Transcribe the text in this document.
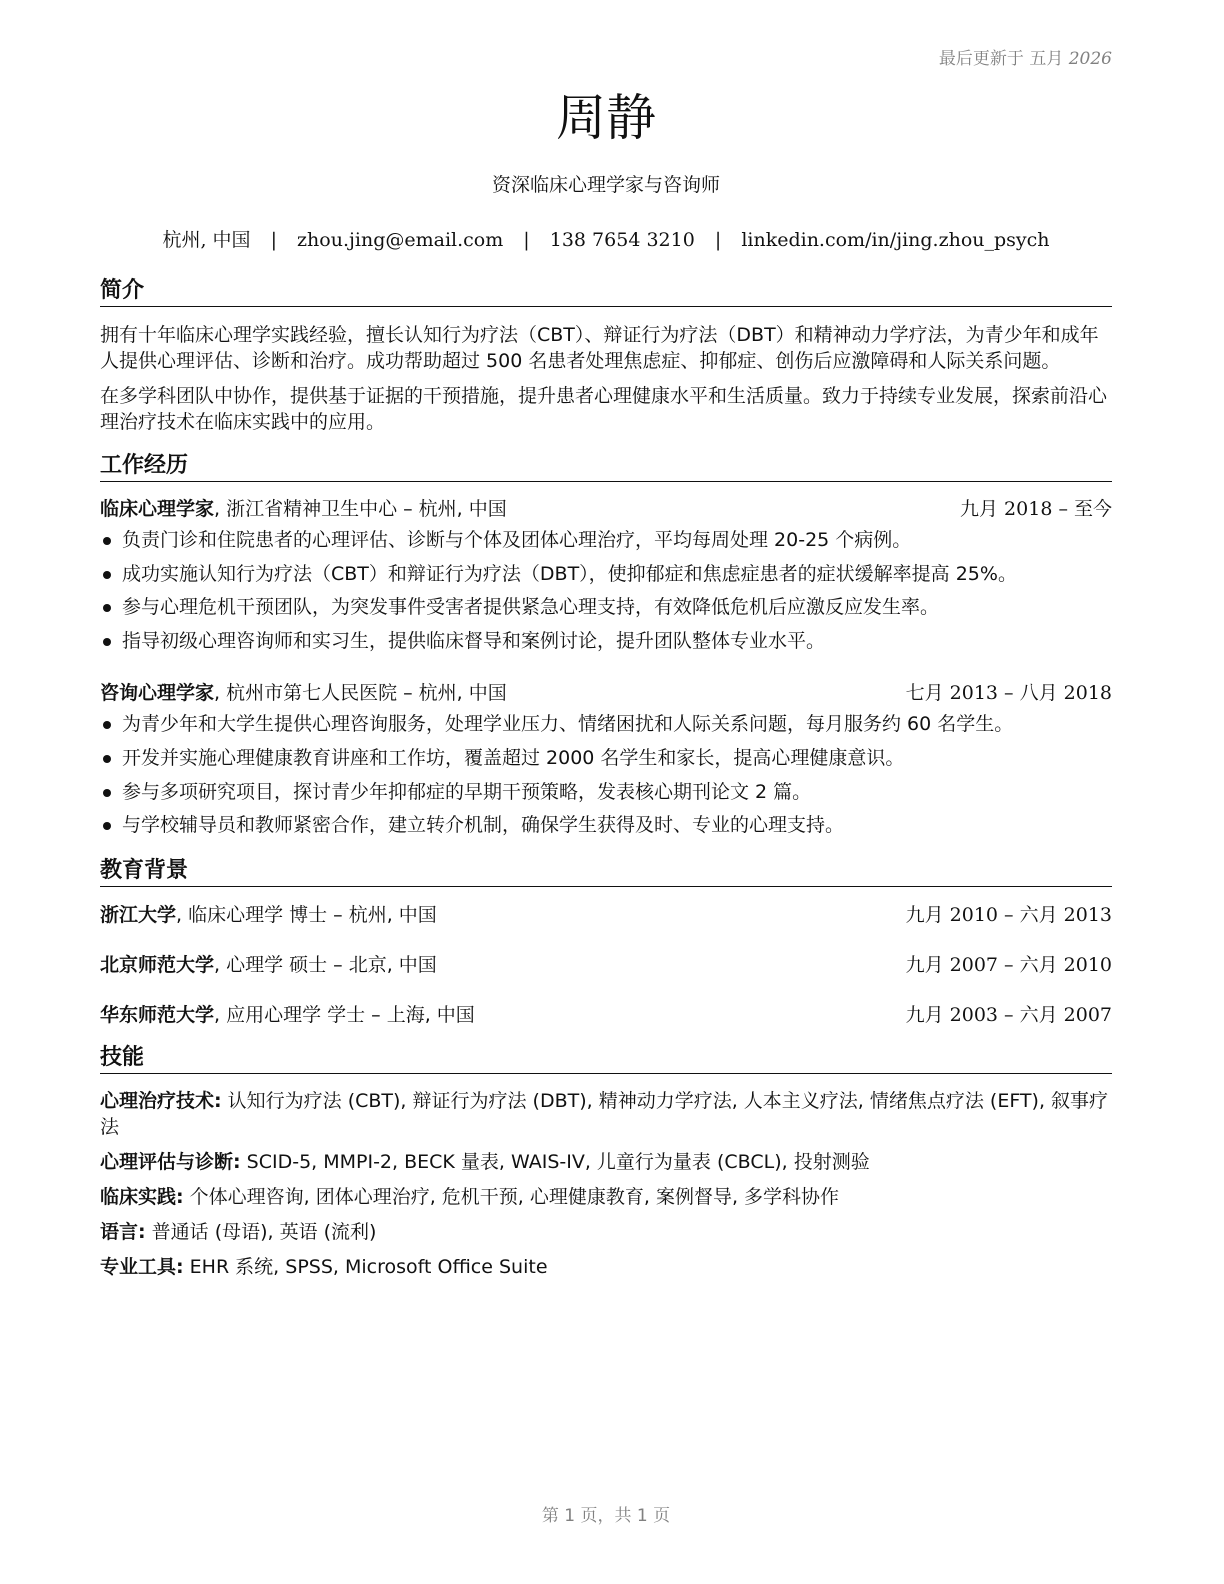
最后更新于 五月 2026
周静
资深临床心理学家与咨询师
杭州, 中国 | zhou.jing@email.com | 138 7654 3210 | linkedin.com/in/jing.zhou_psych
简介
拥有十年临床心理学实践经验，擅长认知行为疗法（CBT）、辩证行为疗法（DBT）和精神动力学疗法，为青少年和成年人提供心理评估、诊断和治疗。成功帮助超过 500 名患者处理焦虑症、抑郁症、创伤后应激障碍和人际关系问题。
在多学科团队中协作，提供基于证据的干预措施，提升患者心理健康水平和生活质量。致力于持续专业发展，探索前沿心理治疗技术在临床实践中的应用。
工作经历
临床心理学家, 浙江省精神卫生中心 – 杭州, 中国	九月 2018 – 至今
负责门诊和住院患者的心理评估、诊断与个体及团体心理治疗，平均每周处理 20-25 个病例。
成功实施认知行为疗法（CBT）和辩证行为疗法（DBT），使抑郁症和焦虑症患者的症状缓解率提高 25%。
参与心理危机干预团队，为突发事件受害者提供紧急心理支持，有效降低危机后应激反应发生率。
指导初级心理咨询师和实习生，提供临床督导和案例讨论，提升团队整体专业水平。
咨询心理学家, 杭州市第七人民医院 – 杭州, 中国	七月 2013 – 八月 2018
为青少年和大学生提供心理咨询服务，处理学业压力、情绪困扰和人际关系问题，每月服务约 60 名学生。
开发并实施心理健康教育讲座和工作坊，覆盖超过 2000 名学生和家长，提高心理健康意识。
参与多项研究项目，探讨青少年抑郁症的早期干预策略，发表核心期刊论文 2 篇。
与学校辅导员和教师紧密合作，建立转介机制，确保学生获得及时、专业的心理支持。
教育背景
浙江大学, 临床心理学 博士 – 杭州, 中国	九月 2010 – 六月 2013
北京师范大学, 心理学 硕士 – 北京, 中国	九月 2007 – 六月 2010
华东师范大学, 应用心理学 学士 – 上海, 中国	九月 2003 – 六月 2007
技能
心理治疗技术: 认知行为疗法 (CBT), 辩证行为疗法 (DBT), 精神动力学疗法, 人本主义疗法, 情绪焦点疗法 (EFT), 叙事疗法
心理评估与诊断: SCID-5, MMPI-2, BECK 量表, WAIS-IV, 儿童行为量表 (CBCL), 投射测验
临床实践: 个体心理咨询, 团体心理治疗, 危机干预, 心理健康教育, 案例督导, 多学科协作
语言: 普通话 (母语), 英语 (流利)
专业工具: EHR 系统, SPSS, Microsoft Office Suite
第 1 页，共 1 页
